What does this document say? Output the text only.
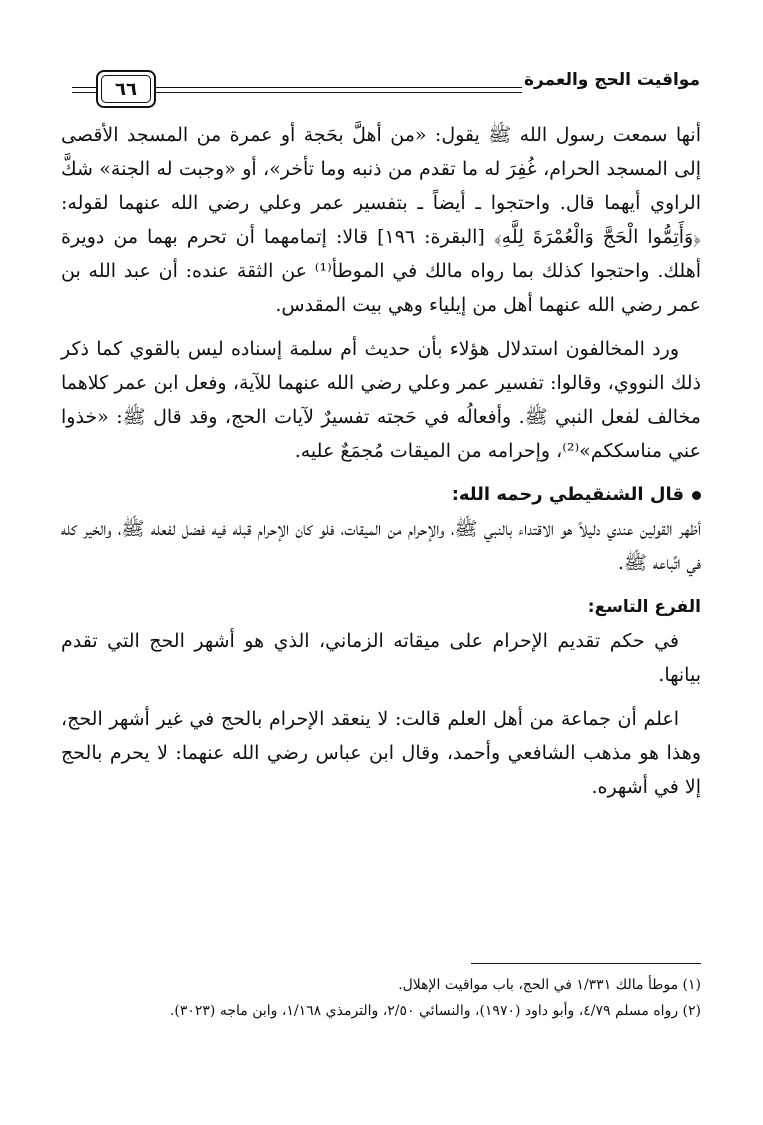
مواقيت الحج والعمرة
٦٦

أنها سمعت رسول الله ﷺ يقول: «من أهلَّ بحَجة أو عمرة من المسجد الأقصى إلى المسجد الحرام، غُفِرَ له ما تقدم من ذنبه وما تأخر»، أو «وجبت له الجنة» شكَّ الراوي أيهما قال. واحتجوا ـ أيضاً ـ بتفسير عمر وعلي رضي الله عنهما لقوله: ﴿وَأَتِمُّوا الْحَجَّ وَالْعُمْرَةَ لِلَّهِ﴾ [البقرة: ١٩٦] قالا: إتمامهما أن تحرم بهما من دويرة أهلك. واحتجوا كذلك بما رواه مالك في الموطأ⁽¹⁾ عن الثقة عنده: أن عبد الله بن عمر رضي الله عنهما أهل من إيلياء وهي بيت المقدس.

ورد المخالفون استدلال هؤلاء بأن حديث أم سلمة إسناده ليس بالقوي كما ذكر ذلك النووي، وقالوا: تفسير عمر وعلي رضي الله عنهما للآية، وفعل ابن عمر كلاهما مخالف لفعل النبي ﷺ. وأفعالُه في حَجته تفسيرٌ لآيات الحج، وقد قال ﷺ: «خذوا عني مناسككم»⁽²⁾، وإحرامه من الميقات مُجمَعٌ عليه.

قال الشنقيطي رحمه الله:

أظهر القولين عندي دليلاً هو الاقتداء بالنبي ﷺ، والإحرام من الميقات، فلو كان الإحرام قبله فيه فضل لفعله ﷺ، والخير كله في اتِّباعه ﷺ.

الفرع التاسع:

في حكم تقديم الإحرام على ميقاته الزماني، الذي هو أشهر الحج التي تقدم بيانها.

اعلم أن جماعة من أهل العلم قالت: لا ينعقد الإحرام بالحج في غير أشهر الحج، وهذا هو مذهب الشافعي وأحمد، وقال ابن عباس رضي الله عنهما: لا يحرم بالحج إلا في أشهره.

(١) موطأ مالك ١/٣٣١ في الحج، باب مواقيت الإهلال.

(٢) رواه مسلم ٤/٧٩، وأبو داود (١٩٧٠)، والنسائي ٢/٥٠، والترمذي ١/١٦٨، وابن ماجه (٣٠٢٣).
